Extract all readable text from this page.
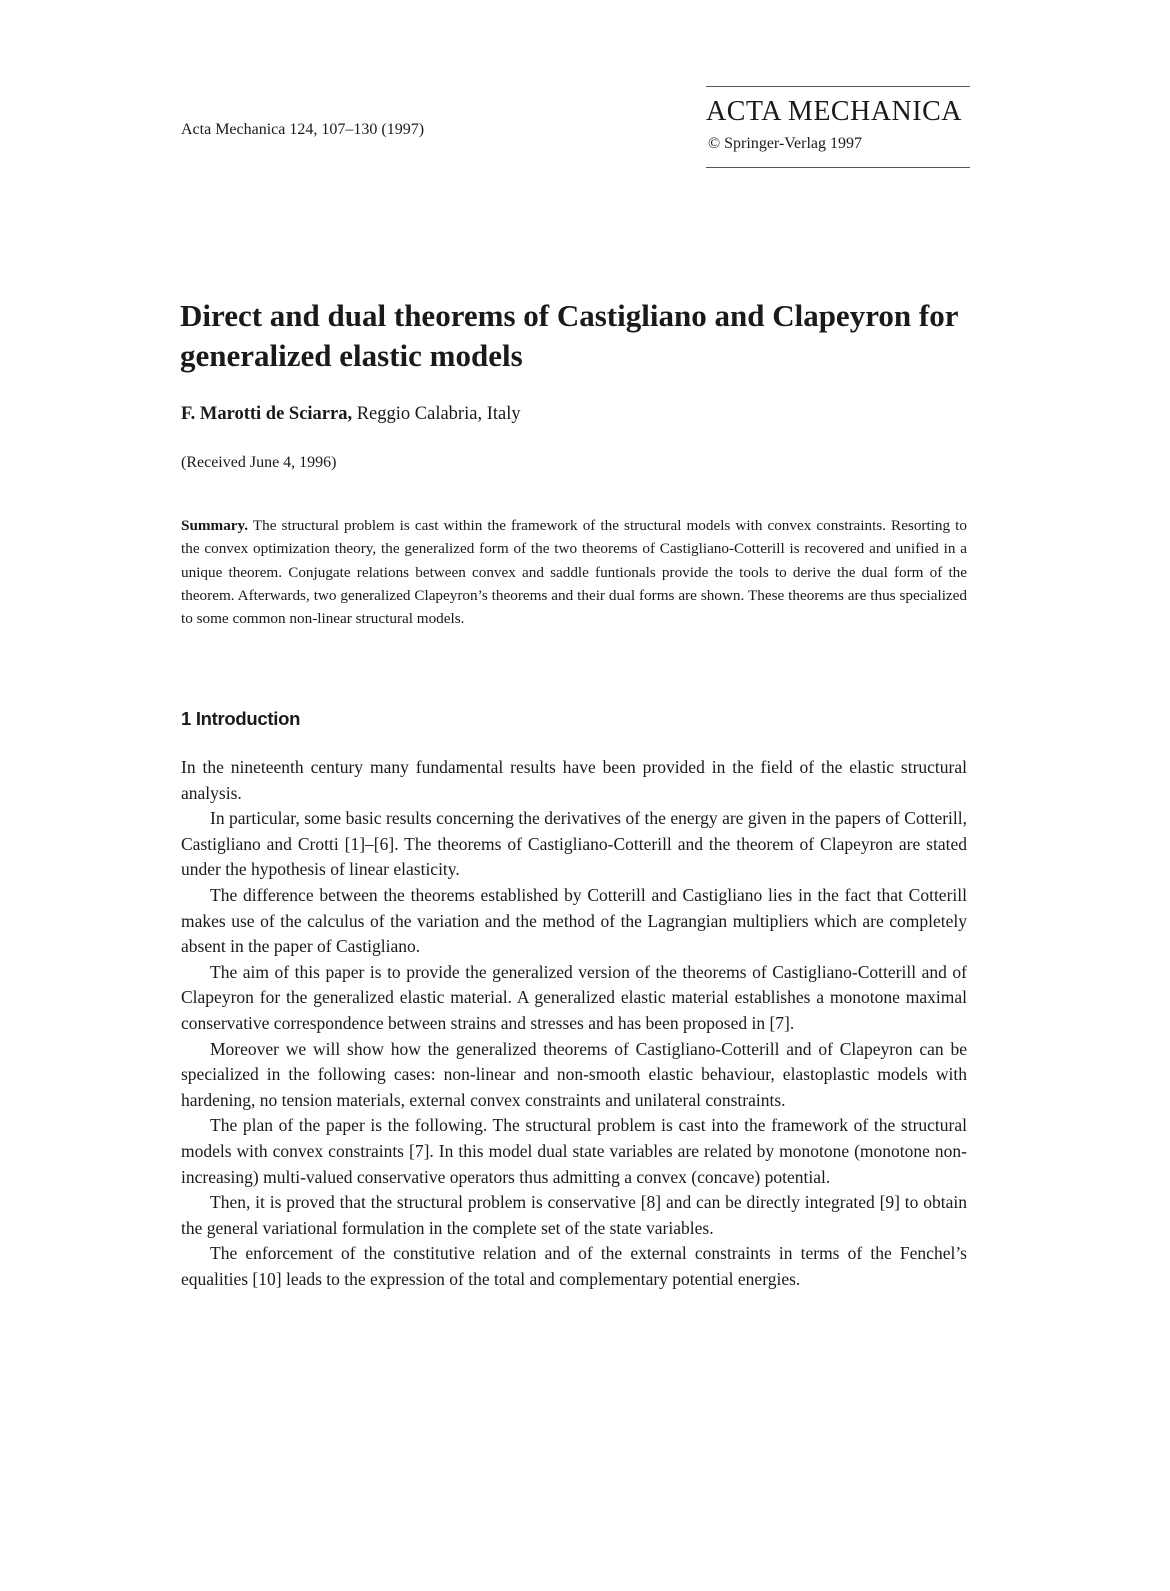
Acta Mechanica 124, 107–130 (1997)
ACTA MECHANICA
© Springer-Verlag 1997
Direct and dual theorems of Castigliano and Clapeyron for generalized elastic models
F. Marotti de Sciarra, Reggio Calabria, Italy
(Received June 4, 1996)

Summary. The structural problem is cast within the framework of the structural models with convex constraints. Resorting to the convex optimization theory, the generalized form of the two theorems of Castigliano-Cotterill is recovered and unified in a unique theorem. Conjugate relations between convex and saddle funtionals provide the tools to derive the dual form of the theorem. Afterwards, two generalized Clapeyron’s theorems and their dual forms are shown. These theorems are thus specialized to some common non-linear structural models.

1 Introduction

In the nineteenth century many fundamental results have been provided in the field of the elastic structural analysis.

In particular, some basic results concerning the derivatives of the energy are given in the papers of Cotterill, Castigliano and Crotti [1]–[6]. The theorems of Castigliano-Cotterill and the theorem of Clapeyron are stated under the hypothesis of linear elasticity.

The difference between the theorems established by Cotterill and Castigliano lies in the fact that Cotterill makes use of the calculus of the variation and the method of the Lagrangian multipliers which are completely absent in the paper of Castigliano.

The aim of this paper is to provide the generalized version of the theorems of Castigliano-Cotterill and of Clapeyron for the generalized elastic material. A generalized elastic material establishes a monotone maximal conservative correspondence between strains and stresses and has been proposed in [7].

Moreover we will show how the generalized theorems of Castigliano-Cotterill and of Clapeyron can be specialized in the following cases: non-linear and non-smooth elastic behaviour, elastoplastic models with hardening, no tension materials, external convex constraints and unilateral constraints.

The plan of the paper is the following. The structural problem is cast into the framework of the structural models with convex constraints [7]. In this model dual state variables are related by monotone (monotone non-increasing) multi-valued conservative operators thus admitting a convex (concave) potential.

Then, it is proved that the structural problem is conservative [8] and can be directly integrated [9] to obtain the general variational formulation in the complete set of the state variables.

The enforcement of the constitutive relation and of the external constraints in terms of the Fenchel’s equalities [10] leads to the expression of the total and complementary potential energies.
